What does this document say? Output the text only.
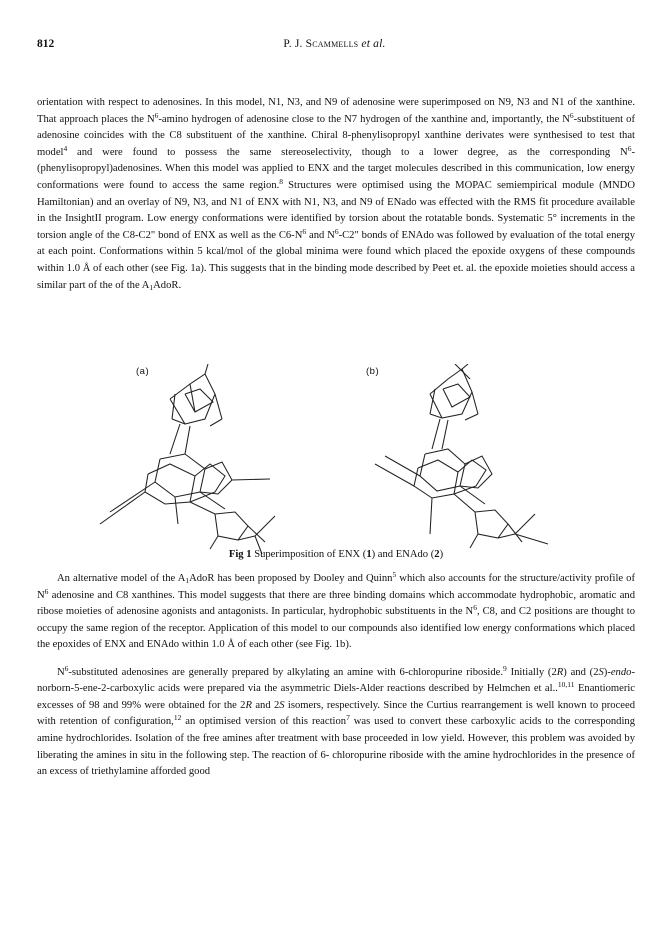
812	P. J. Scammells et al.

orientation with respect to adenosines. In this model, N1, N3, and N9 of adenosine were superimposed on N9, N3 and N1 of the xanthine. That approach places the $N^6$-amino hydrogen of adenosine close to the N7 hydrogen of the xanthine and, importantly, the $N^6$-substituent of adenosine coincides with the C8 substituent of the xanthine. Chiral 8-phenylisopropyl xanthine derivates were synthesised to test that model$^4$ and were found to possess the same stereoselectivity, though to a lower degree, as the corresponding $N^6-(phenylisopropyl)adenosines$. When this model was applied to ENX and the target molecules described in this communication, low energy conformations were found to access the same region.$^8$ Structures were optimised using the MOPAC semiempirical module (MNDO Hamiltonian) and an overlay of N9, N3, and N1 of ENX with N1, N3, and N9 of ENado was effected with the RMS fit procedure available in the InsightII program. Low energy conformations were identified by torsion about the rotatable bonds. Systematic 5° increments in the torsion angle of the C8-C2" bond of ENX as well as the $C6-N^6$ and $N^6-C2$" bonds of ENAdo was followed by evaluation of the total energy at each point. Conformations within 5 kcal/mol of the global minima were found which placed the epoxide oxygens of these compounds within 1.0 Å of each other (see Fig. 1a). This suggests that in the binding mode described by Peet et. al. the epoxide moieties should access a similar part of the of the $A_1AdoR$.

(a)	(b)
Fig 1 Superimposition of ENX (1) and ENAdo (2)

An alternative model of the $A_1AdoR$ has been proposed by Dooley and Quinn$^5$ which also accounts for the structure/activity profile of $N^6$ adenosine and C8 xanthines. This model suggests that there are three binding domains which accommodate hydrophobic, aromatic and ribose moieties of adenosine agonists and antagonists. In particular, hydrophobic substituents in the $N^6$, C8, and C2 positions are thought to occupy the same region of the receptor. Application of this model to our compounds also identified low energy conformations which placed the epoxides of ENX and ENAdo within 1.0 Å of each other (see Fig. 1b).

$N^6$-substituted adenosines are generally prepared by alkylating an amine with 6-chloropurine riboside.$^9$ Initially (2R) and (2S)-endo-norborn-5-ene-2-carboxylic acids were prepared via the asymmetric Diels-Alder reactions described by Helmchen et al..$^{10,11}$ Enantiomeric excesses of 98 and 99% were obtained for the 2R and 2S isomers, respectively. Since the Curtius rearrangement is well known to proceed with retention of configuration,$^{12}$ an optimised version of this reaction$^7$ was used to convert these carboxylic acids to the corresponding amine hydrochlorides. Isolation of the free amines after treatment with base proceeded in low yield. However, this problem was avoided by liberating the amines in situ in the following step. The reaction of 6- chloropurine riboside with the amine hydrochlorides in the presence of an excess of triethylamine afforded good
